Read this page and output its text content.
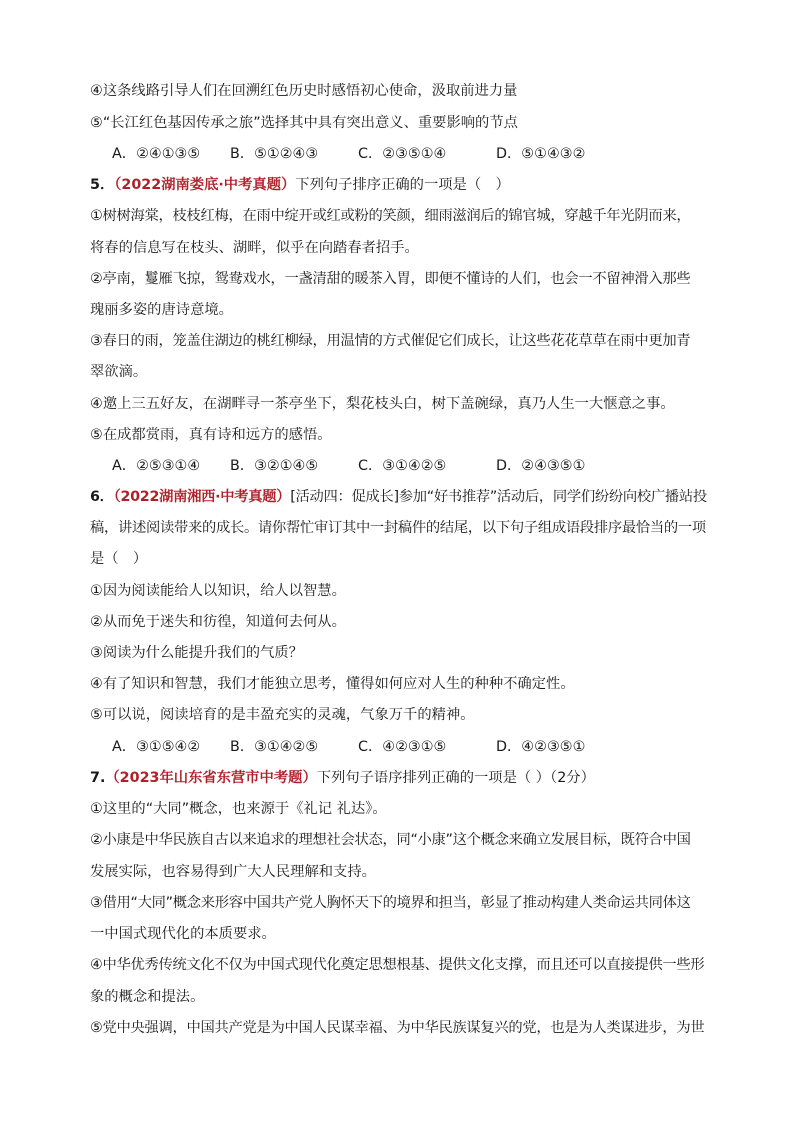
④这条线路引导人们在回溯红色历史时感悟初心使命，汲取前进力量
⑤“长江红色基因传承之旅”选择其中具有突出意义、重要影响的节点
A．②④①③⑤ B．⑤①②④③	C．②③⑤①④	D．⑤①④③②
5．（2022湖南娄底·中考真题）下列句子排序正确的一项是（　）
①树树海棠，枝枝红梅，在雨中绽开或红或粉的笑颜，细雨滋润后的锦官城，穿越千年光阴而来，
将春的信息写在枝头、湖畔，似乎在向踏春者招手。
②亭南，鬘雁飞掠，鸳鸯戏水，一盏清甜的暖茶入胃，即便不懂诗的人们，也会一不留神滑入那些
瑰丽多姿的唐诗意境。
③春日的雨，笼盖住湖边的桃红柳绿，用温情的方式催促它们成长，让这些花花草草在雨中更加青
翠欲滴。
④邀上三五好友，在湖畔寻一茶亭坐下，梨花枝头白，树下盖碗绿，真乃人生一大惬意之事。
⑤在成都赏雨，真有诗和远方的感悟。
A．②⑤③①④ B．③②①④⑤	C．③①④②⑤	D．②④③⑤①
6．（2022湖南湘西·中考真题）[活动四：促成长]参加“好书推荐”活动后，同学们纷纷向校广播站投
稿，讲述阅读带来的成长。请你帮忙审订其中一封稿件的结尾，以下句子组成语段排序最恰当的一项
是（　）
①因为阅读能给人以知识，给人以智慧。
②从而免于迷失和彷徨，知道何去何从。
③阅读为什么能提升我们的气质？
④有了知识和智慧，我们才能独立思考，懂得如何应对人生的种种不确定性。
⑤可以说，阅读培育的是丰盈充实的灵魂，气象万千的精神。
A．③①⑤④② B．③①④②⑤	C．④②③①⑤	D．④②③⑤①
7.（2023年山东省东营市中考题）下列句子语序排列正确的一项是（ ）（2分）
①这里的“大同”概念，也来源于《礼记 礼达》。
②小康是中华民族自古以来追求的理想社会状态，同“小康”这个概念来确立发展目标，既符合中国
发展实际，也容易得到广大人民理解和支持。
③借用“大同”概念来形容中国共产党人胸怀天下的境界和担当，彰显了推动构建人类命运共同体这
一中国式现代化的本质要求。
④中华优秀传统文化不仅为中国式现代化奠定思想根基、提供文化支撑，而且还可以直接提供一些形
象的概念和提法。
⑤党中央强调，中国共产党是为中国人民谋幸福、为中华民族谋复兴的党，也是为人类谋进步，为世
